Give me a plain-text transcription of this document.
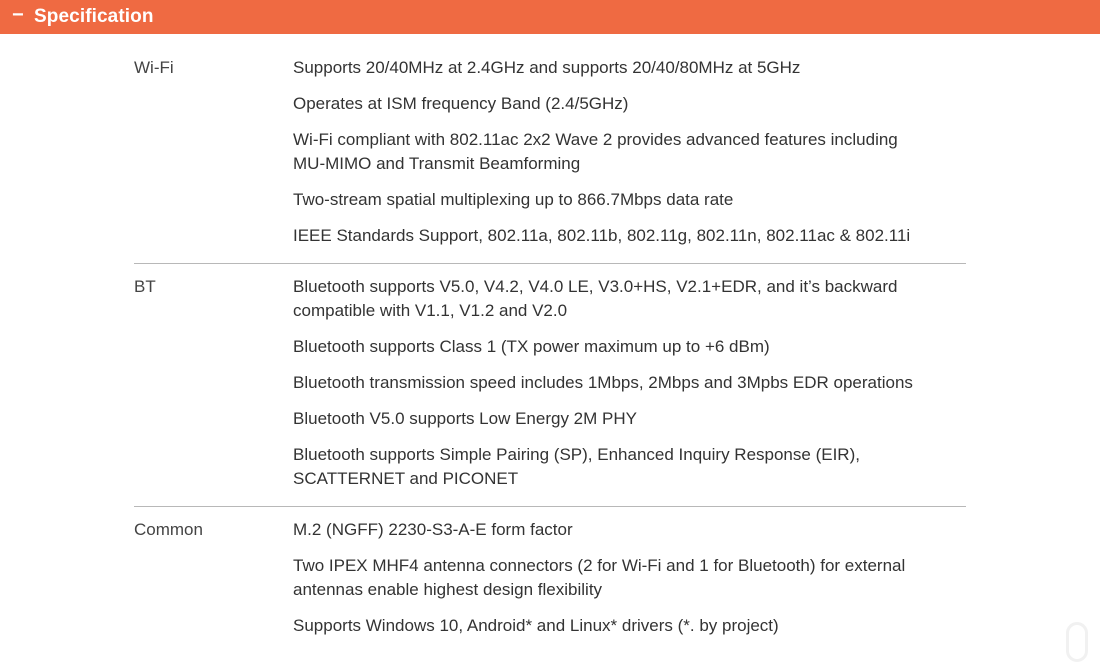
− Specification
Wi-Fi	Supports 20/40MHz at 2.4GHz and supports 20/40/80MHz at 5GHz
Operates at ISM frequency Band (2.4/5GHz)
Wi-Fi compliant with 802.11ac 2x2 Wave 2 provides advanced features including MU-MIMO and Transmit Beamforming
Two-stream spatial multiplexing up to 866.7Mbps data rate
IEEE Standards Support, 802.11a, 802.11b, 802.11g, 802.11n, 802.11ac & 802.11i
BT	Bluetooth supports V5.0, V4.2, V4.0 LE, V3.0+HS, V2.1+EDR, and it’s backward compatible with V1.1, V1.2 and V2.0
Bluetooth supports Class 1 (TX power maximum up to +6 dBm)
Bluetooth transmission speed includes 1Mbps, 2Mbps and 3Mpbs EDR operations
Bluetooth V5.0 supports Low Energy 2M PHY
Bluetooth supports Simple Pairing (SP), Enhanced Inquiry Response (EIR), SCATTERNET and PICONET
Common	M.2 (NGFF) 2230-S3-A-E form factor
Two IPEX MHF4 antenna connectors (2 for Wi-Fi and 1 for Bluetooth) for external antennas enable highest design flexibility
Supports Windows 10, Android* and Linux* drivers (*. by project)
